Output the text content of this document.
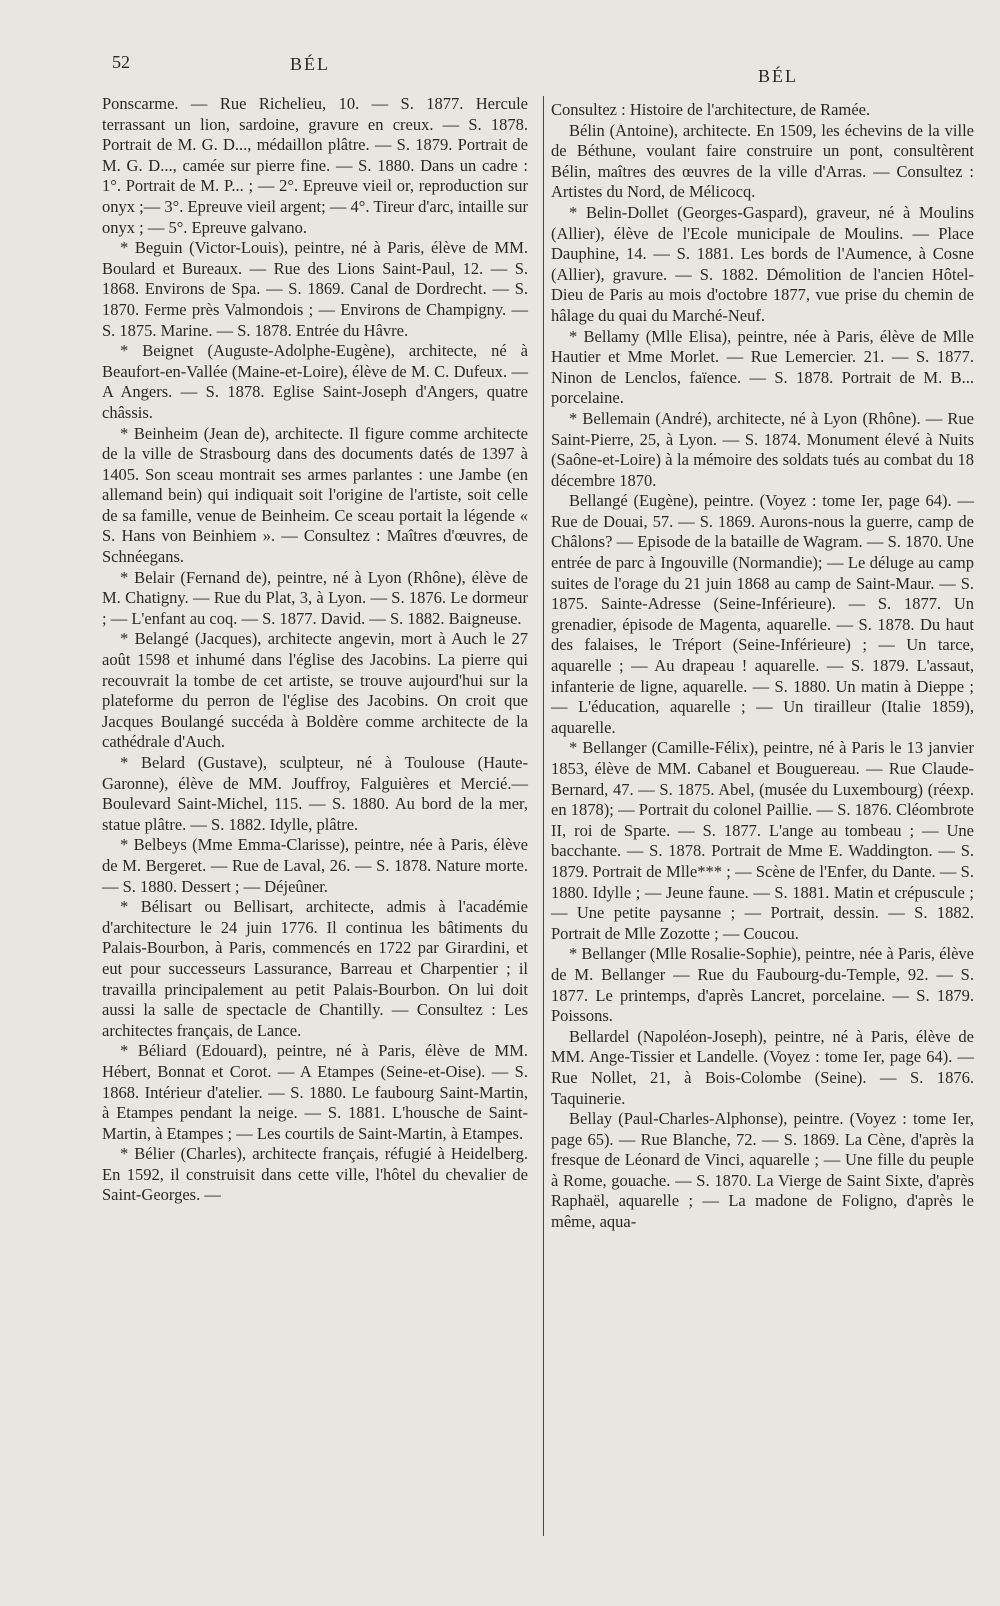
52	BÉL
BÉL

Ponscarme. — Rue Richelieu, 10. — S. 1877. Hercule terrassant un lion, sardoine, gravure en creux. — S. 1878. Portrait de M. G. D..., médaillon plâtre. — S. 1879. Portrait de M. G. D..., camée sur pierre fine. — S. 1880. Dans un cadre : 1°. Portrait de M. P... ; — 2°. Epreuve vieil or, reproduction sur onyx ;— 3°. Epreuve vieil argent; — 4°. Tireur d'arc, intaille sur onyx ; — 5°. Epreuve galvano.

* Beguin (Victor-Louis), peintre, né à Paris, élève de MM. Boulard et Bureaux. — Rue des Lions Saint-Paul, 12. — S. 1868. Environs de Spa. — S. 1869. Canal de Dordrecht. — S. 1870. Ferme près Valmondois ; — Environs de Champigny. — S. 1875. Marine. — S. 1878. Entrée du Hâvre.

* Beignet (Auguste-Adolphe-Eugène), architecte, né à Beaufort-en-Vallée (Maine-et-Loire), élève de M. C. Dufeux. — A Angers. — S. 1878. Eglise Saint-Joseph d'Angers, quatre châssis.

* Beinheim (Jean de), architecte. Il figure comme architecte de la ville de Strasbourg dans des documents datés de 1397 à 1405. Son sceau montrait ses armes parlantes : une Jambe (en allemand bein) qui indiquait soit l'origine de l'artiste, soit celle de sa famille, venue de Beinheim. Ce sceau portait la légende « S. Hans von Beinhiem ». — Consultez : Maîtres d'œuvres, de Schnéegans.

* Belair (Fernand de), peintre, né à Lyon (Rhône), élève de M. Chatigny. — Rue du Plat, 3, à Lyon. — S. 1876. Le dormeur ; — L'enfant au coq. — S. 1877. David. — S. 1882. Baigneuse.

* Belangé (Jacques), architecte angevin, mort à Auch le 27 août 1598 et inhumé dans l'église des Jacobins. La pierre qui recouvrait la tombe de cet artiste, se trouve aujourd'hui sur la plateforme du perron de l'église des Jacobins. On croit que Jacques Boulangé succéda à Boldère comme architecte de la cathédrale d'Auch.

* Belard (Gustave), sculpteur, né à Toulouse (Haute-Garonne), élève de MM. Jouffroy, Falguières et Mercié.—Boulevard Saint-Michel, 115. — S. 1880. Au bord de la mer, statue plâtre. — S. 1882. Idylle, plâtre.

* Belbeys (Mme Emma-Clarisse), peintre, née à Paris, élève de M. Bergeret. — Rue de Laval, 26. — S. 1878. Nature morte. — S. 1880. Dessert ; — Déjeûner.

* Bélisart ou Bellisart, architecte, admis à l'académie d'architecture le 24 juin 1776. Il continua les bâtiments du Palais-Bourbon, à Paris, commencés en 1722 par Girardini, et eut pour successeurs Lassurance, Barreau et Charpentier ; il travailla principalement au petit Palais-Bourbon. On lui doit aussi la salle de spectacle de Chantilly. — Consultez : Les architectes français, de Lance.

* Béliard (Edouard), peintre, né à Paris, élève de MM. Hébert, Bonnat et Corot. — A Etampes (Seine-et-Oise). — S. 1868. Intérieur d'atelier. — S. 1880. Le faubourg Saint-Martin, à Etampes pendant la neige. — S. 1881. L'housche de Saint-Martin, à Etampes ; — Les courtils de Saint-Martin, à Etampes.

* Bélier (Charles), architecte français, réfugié à Heidelberg. En 1592, il construisit dans cette ville, l'hôtel du chevalier de Saint-Georges. —

Consultez : Histoire de l'architecture, de Ramée.

Bélin (Antoine), architecte. En 1509, les échevins de la ville de Béthune, voulant faire construire un pont, consultèrent Bélin, maîtres des œuvres de la ville d'Arras. — Consultez : Artistes du Nord, de Mélicocq.

* Belin-Dollet (Georges-Gaspard), graveur, né à Moulins (Allier), élève de l'Ecole municipale de Moulins. — Place Dauphine, 14. — S. 1881. Les bords de l'Aumence, à Cosne (Allier), gravure. — S. 1882. Démolition de l'ancien Hôtel-Dieu de Paris au mois d'octobre 1877, vue prise du chemin de hâlage du quai du Marché-Neuf.

* Bellamy (Mlle Elisa), peintre, née à Paris, élève de Mlle Hautier et Mme Morlet. — Rue Lemercier. 21. — S. 1877. Ninon de Lenclos, faïence. — S. 1878. Portrait de M. B... porcelaine.

* Bellemain (André), architecte, né à Lyon (Rhône). — Rue Saint-Pierre, 25, à Lyon. — S. 1874. Monument élevé à Nuits (Saône-et-Loire) à la mémoire des soldats tués au combat du 18 décembre 1870.

Bellangé (Eugène), peintre. (Voyez : tome Ier, page 64). — Rue de Douai, 57. — S. 1869. Aurons-nous la guerre, camp de Châlons? — Episode de la bataille de Wagram. — S. 1870. Une entrée de parc à Ingouville (Normandie); — Le déluge au camp suites de l'orage du 21 juin 1868 au camp de Saint-Maur. — S. 1875. Sainte-Adresse (Seine-Inférieure). — S. 1877. Un grenadier, épisode de Magenta, aquarelle. — S. 1878. Du haut des falaises, le Tréport (Seine-Inférieure) ; — Un tarce, aquarelle ; — Au drapeau ! aquarelle. — S. 1879. L'assaut, infanterie de ligne, aquarelle. — S. 1880. Un matin à Dieppe ; — L'éducation, aquarelle ; — Un tirailleur (Italie 1859), aquarelle.

* Bellanger (Camille-Félix), peintre, né à Paris le 13 janvier 1853, élève de MM. Cabanel et Bouguereau. — Rue Claude-Bernard, 47. — S. 1875. Abel, (musée du Luxembourg) (réexp. en 1878); — Portrait du colonel Paillie. — S. 1876. Cléombrote II, roi de Sparte. — S. 1877. L'ange au tombeau ; — Une bacchante. — S. 1878. Portrait de Mme E. Waddington. — S. 1879. Portrait de Mlle*** ; — Scène de l'Enfer, du Dante. — S. 1880. Idylle ; — Jeune faune. — S. 1881. Matin et crépuscule ; — Une petite paysanne ; — Portrait, dessin. — S. 1882. Portrait de Mlle Zozotte ; — Coucou.

* Bellanger (Mlle Rosalie-Sophie), peintre, née à Paris, élève de M. Bellanger — Rue du Faubourg-du-Temple, 92. — S. 1877. Le printemps, d'après Lancret, porcelaine. — S. 1879. Poissons.

Bellardel (Napoléon-Joseph), peintre, né à Paris, élève de MM. Ange-Tissier et Landelle. (Voyez : tome Ier, page 64). — Rue Nollet, 21, à Bois-Colombe (Seine). — S. 1876. Taquinerie.

Bellay (Paul-Charles-Alphonse), peintre. (Voyez : tome Ier, page 65). — Rue Blanche, 72. — S. 1869. La Cène, d'après la fresque de Léonard de Vinci, aquarelle ; — Une fille du peuple à Rome, gouache. — S. 1870. La Vierge de Saint Sixte, d'après Raphaël, aquarelle ; — La madone de Foligno, d'après le même, aqua-
